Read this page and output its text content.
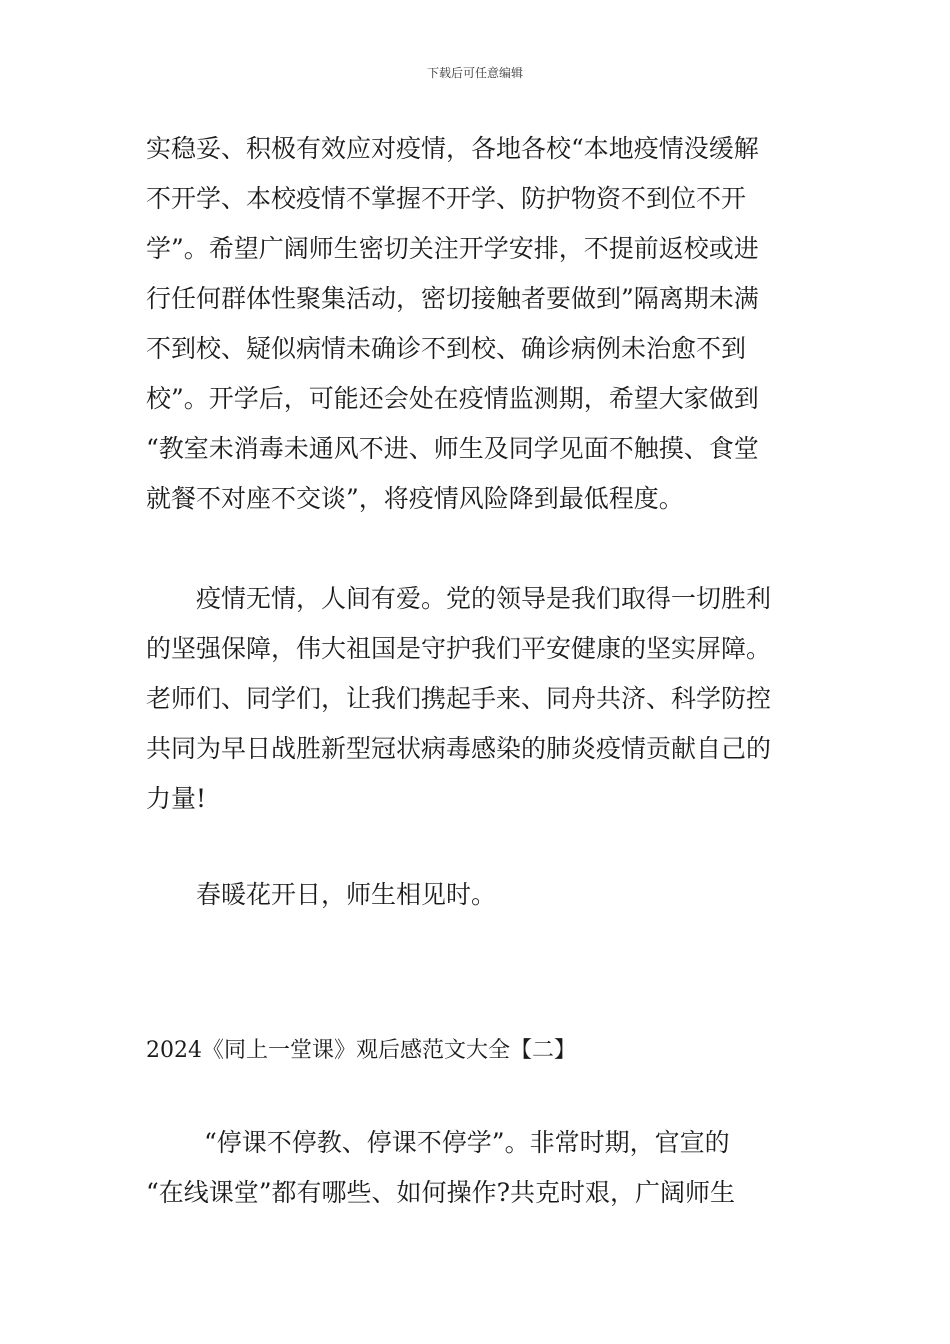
下载后可任意编辑
实稳妥、积极有效应对疫情，各地各校“本地疫情没缓解
不开学、本校疫情不掌握不开学、防护物资不到位不开
学”。希望广阔师生密切关注开学安排，不提前返校或进
行任何群体性聚集活动，密切接触者要做到”隔离期未满
不到校、疑似病情未确诊不到校、确诊病例未治愈不到
校”。开学后，可能还会处在疫情监测期，希望大家做到
“教室未消毒未通风不进、师生及同学见面不触摸、食堂
就餐不对座不交谈”，将疫情风险降到最低程度。
疫情无情，人间有爱。党的领导是我们取得一切胜利
的坚强保障，伟大祖国是守护我们平安健康的坚实屏障。
老师们、同学们，让我们携起手来、同舟共济、科学防控
共同为早日战胜新型冠状病毒感染的肺炎疫情贡献自己的
力量!
春暖花开日，师生相见时。
2024《同上一堂课》观后感范文大全【二】
“停课不停教、停课不停学”。非常时期，官宣的
“在线课堂”都有哪些、如何操作?共克时艰，广阔师生
